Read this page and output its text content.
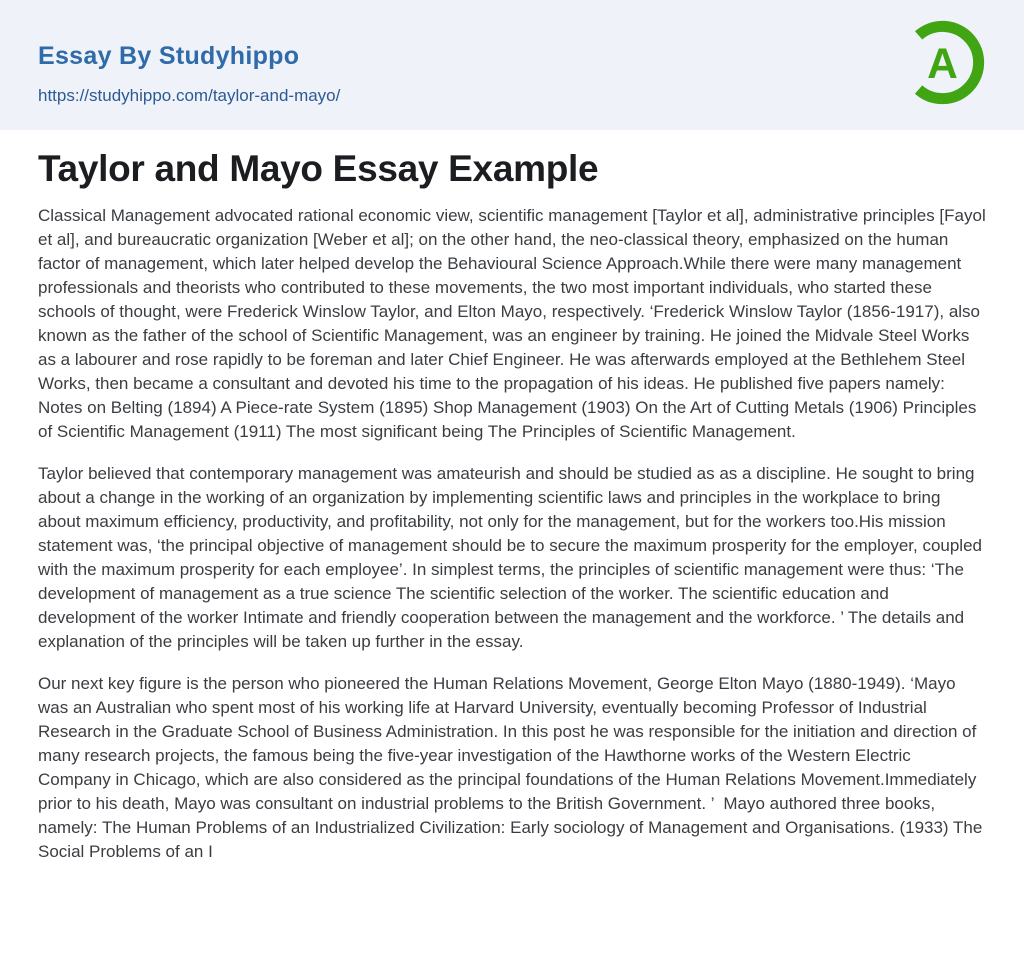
Essay By Studyhippo
https://studyhippo.com/taylor-and-mayo/
A
Taylor and Mayo Essay Example

Classical Management advocated rational economic view, scientific management [Taylor et al], administrative principles [Fayol et al], and bureaucratic organization [Weber et al]; on the other hand, the neo-classical theory, emphasized on the human factor of management, which later helped develop the Behavioural Science Approach.While there were many management professionals and theorists who contributed to these movements, the two most important individuals, who started these schools of thought, were Frederick Winslow Taylor, and Elton Mayo, respectively. ‘Frederick Winslow Taylor (1856-1917), also known as the father of the school of Scientific Management, was an engineer by training. He joined the Midvale Steel Works as a labourer and rose rapidly to be foreman and later Chief Engineer. He was afterwards employed at the Bethlehem Steel Works, then became a consultant and devoted his time to the propagation of his ideas. He published five papers namely: Notes on Belting (1894) A Piece-rate System (1895) Shop Management (1903) On the Art of Cutting Metals (1906) Principles of Scientific Management (1911) The most significant being The Principles of Scientific Management.

Taylor believed that contemporary management was amateurish and should be studied as as a discipline. He sought to bring about a change in the working of an organization by implementing scientific laws and principles in the workplace to bring about maximum efficiency, productivity, and profitability, not only for the management, but for the workers too.His mission statement was, ‘the principal objective of management should be to secure the maximum prosperity for the employer, coupled with the maximum prosperity for each employee’. In simplest terms, the principles of scientific management were thus: ‘The development of management as a true science The scientific selection of the worker. The scientific education and development of the worker Intimate and friendly cooperation between the management and the workforce. ’ The details and explanation of the principles will be taken up further in the essay.

Our next key figure is the person who pioneered the Human Relations Movement, George Elton Mayo (1880-1949). ‘Mayo was an Australian who spent most of his working life at Harvard University, eventually becoming Professor of Industrial Research in the Graduate School of Business Administration. In this post he was responsible for the initiation and direction of many research projects, the famous being the five-year investigation of the Hawthorne works of the Western Electric Company in Chicago, which are also considered as the principal foundations of the Human Relations Movement.Immediately prior to his death, Mayo was consultant on industrial problems to the British Government. ’  Mayo authored three books, namely: The Human Problems of an Industrialized Civilization: Early sociology of Management and Organisations. (1933) The Social Problems of an I
